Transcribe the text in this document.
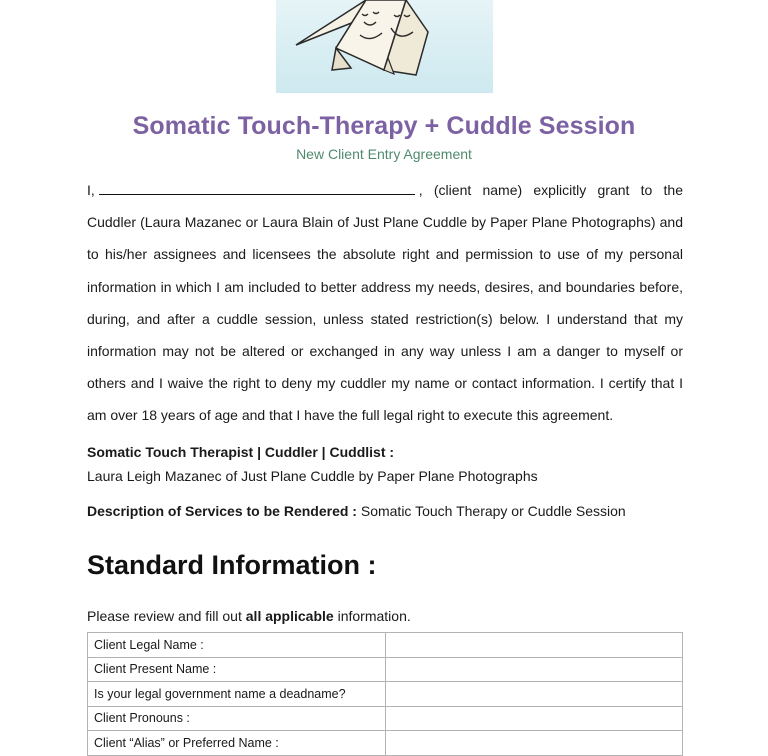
Somatic Touch-Therapy + Cuddle Session
New Client Entry Agreement
I,	, (client name) explicitly grant to the Cuddler (Laura Mazanec or Laura Blain of Just Plane Cuddle by Paper Plane Photographs) and to his/her assignees and licensees the absolute right and permission to use of my personal information in which I am included to better address my needs, desires, and boundaries before, during, and after a cuddle session, unless stated restriction(s) below. I understand that my information may not be altered or exchanged in any way unless I am a danger to myself or others and I waive the right to deny my cuddler my name or contact information. I certify that I am over 18 years of age and that I have the full legal right to execute this agreement.
Somatic Touch Therapist | Cuddler | Cuddlist :
Laura Leigh Mazanec of Just Plane Cuddle by Paper Plane Photographs
Description of Services to be Rendered : Somatic Touch Therapy or Cuddle Session
Standard Information :
Please review and fill out all applicable information.
Client Legal Name :	
Client Present Name :	
Is your legal government name a deadname?	
Client Pronouns :	
Client “Alias” or Preferred Name :	
